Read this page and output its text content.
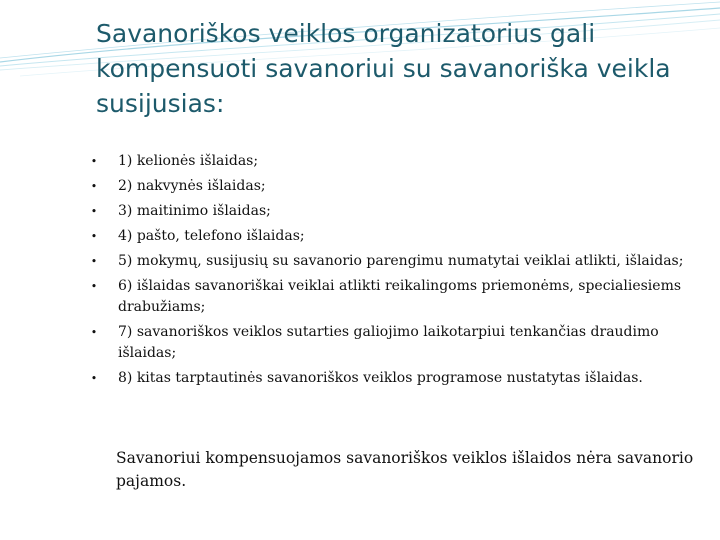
Savanoriškos veiklos organizatorius gali kompensuoti savanoriui su savanoriška veikla susijusias:
• 1) kelionės išlaidas;
• 2) nakvynės išlaidas;
• 3) maitinimo išlaidas;
• 4) pašto, telefono išlaidas;
• 5) mokymų, susijusių su savanorio parengimu numatytai veiklai atlikti, išlaidas;
• 6) išlaidas savanoriškai veiklai atlikti reikalingoms priemonėms, specialiesiems drabužiams;
• 7) savanoriškos veiklos sutarties galiojimo laikotarpiui tenkančias draudimo išlaidas;
• 8) kitas tarptautinės savanoriškos veiklos programose nustatytas išlaidas.

Savanoriui kompensuojamos savanoriškos veiklos išlaidos nėra savanorio pajamos.
